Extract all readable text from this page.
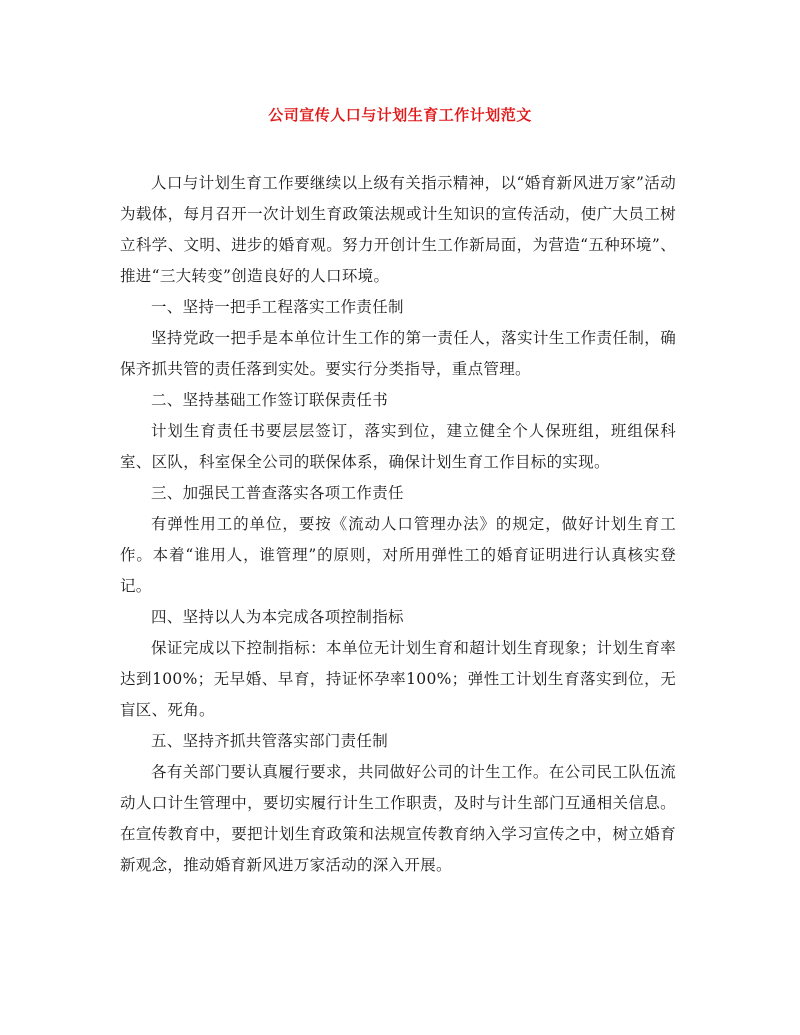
公司宣传人口与计划生育工作计划范文

人口与计划生育工作要继续以上级有关指示精神，以“婚育新风进万家”活动为载体，每月召开一次计划生育政策法规或计生知识的宣传活动，使广大员工树立科学、文明、进步的婚育观。努力开创计生工作新局面，为营造“五种环境”、推进“三大转变”创造良好的人口环境。

一、坚持一把手工程落实工作责任制

坚持党政一把手是本单位计生工作的第一责任人，落实计生工作责任制，确保齐抓共管的责任落到实处。要实行分类指导，重点管理。

二、坚持基础工作签订联保责任书

计划生育责任书要层层签订，落实到位，建立健全个人保班组，班组保科室、区队，科室保全公司的联保体系，确保计划生育工作目标的实现。

三、加强民工普查落实各项工作责任

有弹性用工的单位，要按《流动人口管理办法》的规定，做好计划生育工作。本着“谁用人，谁管理”的原则，对所用弹性工的婚育证明进行认真核实登记。

四、坚持以人为本完成各项控制指标

保证完成以下控制指标：本单位无计划生育和超计划生育现象；计划生育率达到100%；无早婚、早育，持证怀孕率100%；弹性工计划生育落实到位，无盲区、死角。

五、坚持齐抓共管落实部门责任制

各有关部门要认真履行要求，共同做好公司的计生工作。在公司民工队伍流动人口计生管理中，要切实履行计生工作职责，及时与计生部门互通相关信息。在宣传教育中，要把计划生育政策和法规宣传教育纳入学习宣传之中，树立婚育新观念，推动婚育新风进万家活动的深入开展。
